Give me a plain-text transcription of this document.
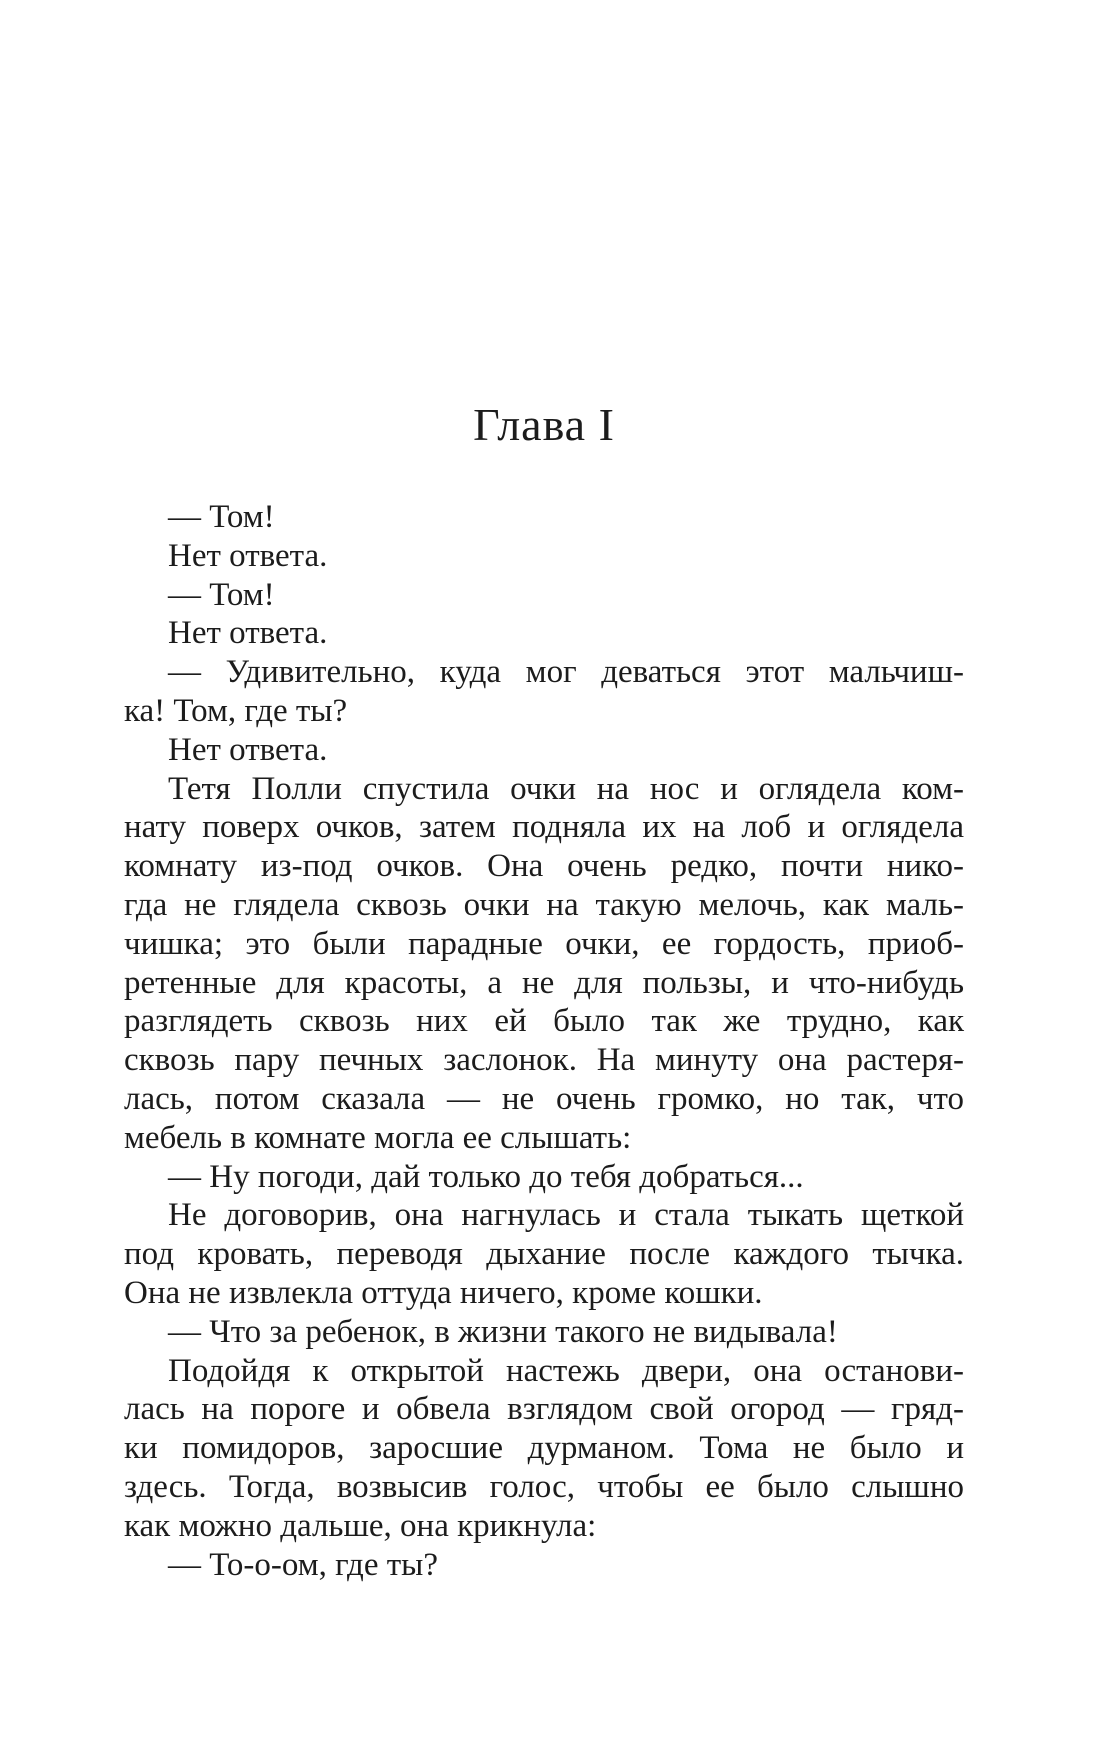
Глава I
— Том!
Нет ответа.
— Том!
Нет ответа.
— Удивительно, куда мог деваться этот мальчиш-
ка! Том, где ты?
Нет ответа.
Тетя Полли спустила очки на нос и оглядела ком-
нату поверх очков, затем подняла их на лоб и оглядела
комнату из-под очков. Она очень редко, почти нико-
гда не глядела сквозь очки на такую мелочь, как маль-
чишка; это были парадные очки, ее гордость, приоб-
ретенные для красоты, а не для пользы, и что-нибудь
разглядеть сквозь них ей было так же трудно, как
сквозь пару печных заслонок. На минуту она растеря-
лась, потом сказала — не очень громко, но так, что
мебель в комнате могла ее слышать:
— Ну погоди, дай только до тебя добраться...
Не договорив, она нагнулась и стала тыкать щеткой
под кровать, переводя дыхание после каждого тычка.
Она не извлекла оттуда ничего, кроме кошки.
— Что за ребенок, в жизни такого не видывала!
Подойдя к открытой настежь двери, она останови-
лась на пороге и обвела взглядом свой огород — гряд-
ки помидоров, заросшие дурманом. Тома не было и
здесь. Тогда, возвысив голос, чтобы ее было слышно
как можно дальше, она крикнула:
— То-о-ом, где ты?
